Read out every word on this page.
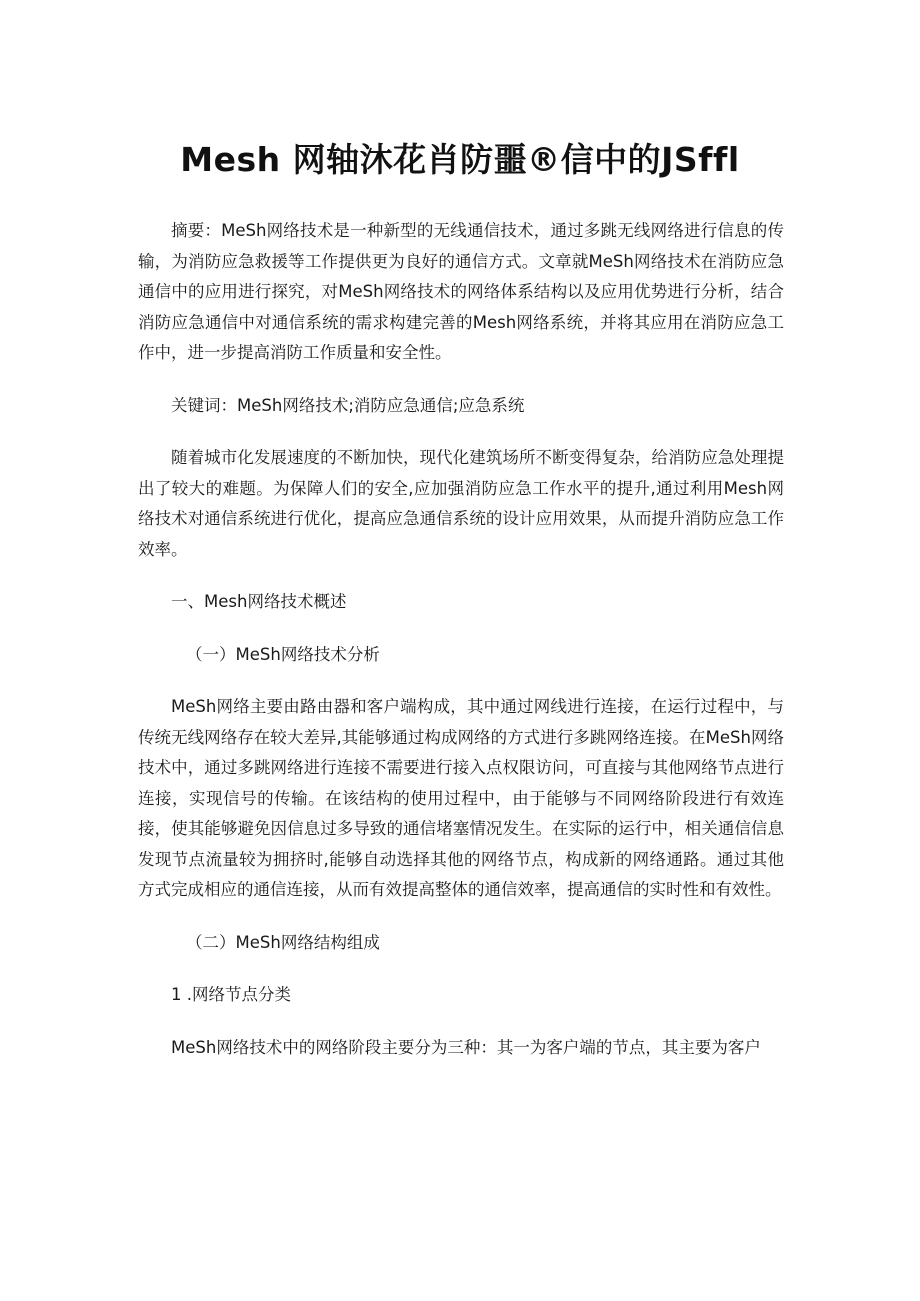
Mesh 网轴沐花肖防噩®信中的JSffl

摘要：MeSh网络技术是一种新型的无线通信技术，通过多跳无线网络进行信息的传输，为消防应急救援等工作提供更为良好的通信方式。文章就MeSh网络技术在消防应急通信中的应用进行探究，对MeSh网络技术的网络体系结构以及应用优势进行分析，结合消防应急通信中对通信系统的需求构建完善的Mesh网络系统，并将其应用在消防应急工作中，进一步提高消防工作质量和安全性。

关键词：MeSh网络技术;消防应急通信;应急系统

随着城市化发展速度的不断加快，现代化建筑场所不断变得复杂，给消防应急处理提出了较大的难题。为保障人们的安全,应加强消防应急工作水平的提升,通过利用Mesh网络技术对通信系统进行优化，提高应急通信系统的设计应用效果，从而提升消防应急工作效率。

一、Mesh网络技术概述

（一）MeSh网络技术分析

MeSh网络主要由路由器和客户端构成，其中通过网线进行连接，在运行过程中，与传统无线网络存在较大差异,其能够通过构成网络的方式进行多跳网络连接。在MeSh网络技术中，通过多跳网络进行连接不需要进行接入点权限访问，可直接与其他网络节点进行连接，实现信号的传输。在该结构的使用过程中，由于能够与不同网络阶段进行有效连接，使其能够避免因信息过多导致的通信堵塞情况发生。在实际的运行中，相关通信信息发现节点流量较为拥挤时,能够自动选择其他的网络节点，构成新的网络通路。通过其他方式完成相应的通信连接，从而有效提高整体的通信效率，提高通信的实时性和有效性。

（二）MeSh网络结构组成

1 .网络节点分类

MeSh网络技术中的网络阶段主要分为三种：其一为客户端的节点，其主要为客户
